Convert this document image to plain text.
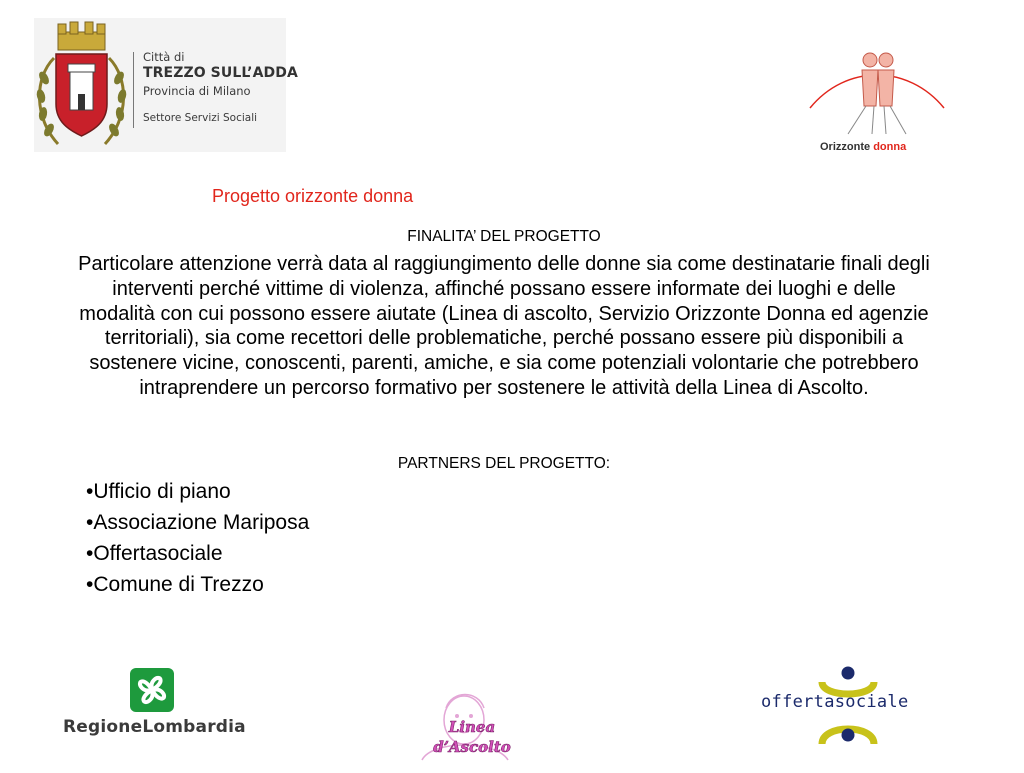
Città di
TREZZO SULL’ADDA
Provincia di Milano
Settore Servizi Sociali
Orizzonte donna
Progetto orizzonte donna
FINALITA’ DEL PROGETTO
Particolare attenzione verrà data al raggiungimento delle donne sia come destinatarie finali degli interventi perché vittime di violenza, affinché possano essere informate dei luoghi e delle modalità con cui possono essere aiutate (Linea di ascolto, Servizio Orizzonte Donna ed agenzie territoriali), sia come recettori delle problematiche, perché possano essere più disponibili a sostenere vicine, conoscenti, parenti, amiche, e sia come potenziali volontarie che potrebbero intraprendere un percorso formativo per sostenere le attività della Linea di Ascolto.
PARTNERS DEL PROGETTO:
•Ufficio di piano
•Associazione Mariposa
•Offertasociale
•Comune di Trezzo
RegioneLombardia	Linea
d’Ascolto
offertasociale
